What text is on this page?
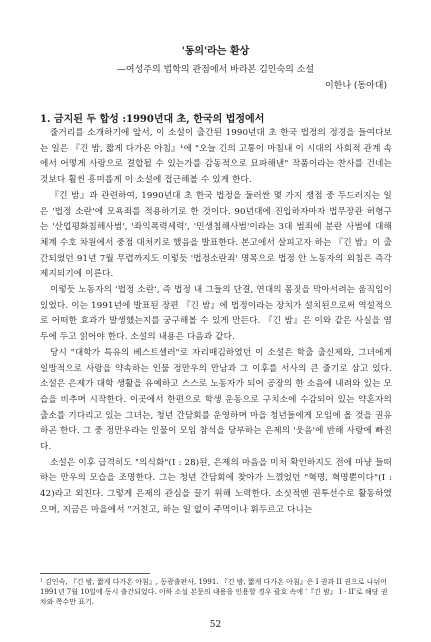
'동의'라는 환상
—여성주의 법학의 관점에서 바라본 김인숙의 소설
이한나 (동아대)
1. 금지된 두 합성 :1990년대 초, 한국의 법정에서

줄거리를 소개하기에 앞서, 이 소설이 출간된 1990년대 초 한국 법정의 정경을 들여다보는 일은 『긴 밤, 짧게 다가온 아침』¹에 "오늘 긴의 고통이 마침내 이 시대의 사회적 관계 속에서 어떻게 사랑으로 결합될 수 있는가를 감동적으로 묘파해낸" 작품이라는 찬사를 건네는 것보다 훨씬 흥미롭게 이 소설에 접근해볼 수 있게 한다.

『긴 밤』과 관련하여, 1990년대 초 한국 법정을 둘러싼 몇 가지 쟁점 중 두드러지는 일은 '법정 소란'에 모욕죄를 적용하기로 한 것이다. 90년대에 진입하자마자 법무장관 허형구는 '산업평화침해사범', '좌익폭력세력', '민생침해사범'이라는 3대 범죄에 분란 사범에 대해 체계 수호 차원에서 중점 대처키로 했음을 발표한다. 본고에서 살피고자 하는 『긴 밤』이 출간되었던 91년 7월 무렵까지도 이렇듯 '법정소란죄' 명목으로 법정 안 노동자의 외침은 즉각 제지되기에 이른다.

이렇듯 노동자의 '법정 소란', 즉 법정 내 그들의 단결, 연대의 몸짓을 막아서려는 움직임이 있었다. 이는 1991년에 발표된 장편 『긴 밤』에 법정이라는 장치가 설치된으로써 역설적으로 어떠한 효과가 발생했는지를 궁구해볼 수 있게 만든다. 『긴 밤』은 이와 같은 사실을 염두에 두고 읽어야 한다. 소설의 내용은 다음과 같다.

당시 "대학가 특유의 베스트셀러"로 자리매김하였던 이 소설은 학출 출신제와, 그녀에게 일방적으로 사랑을 약속하는 인물 정만우의 만남과 그 이후를 서사의 큰 줄기로 삼고 있다. 소설은 은제가 대학 생활을 유예하고 스스로 노동자가 되어 공장의 한 소음에 내려와 있는 모습을 비추며 시작한다. 이곳에서 한편으로 학생 운동으로 구치소에 수감되어 있는 약혼자의 출소를 기다리고 있는 그녀는, 청년 간담회를 운영하며 마을 청년들에게 모임에 올 것을 권유하곤 한다. 그 중 정만우라는 인물이 모임 참석을 당부하는 은제의 '웃음'에 반해 사랑에 빠진다.

소설은 이후 급격히도 "의식화"(I : 28)된, 은제의 마음을 미처 확인하지도 전에 마냥 들떠하는 만우의 모습을 조명한다. 그는 청년 간담회에 찾아가 느꼈었던 "혁명, 혁명뿐이다"(I : 42)라고 외친다. 그렇게 은제의 관심을 끌기 위해 노력한다. 소싯적엔 권투선수로 활동하였으며, 지금은 마을에서 "거친고, 하는 일 없이 주먹이나 휘두르고 다니는

¹ 김인숙, 『긴 밤, 짧게 다가온 아침』, 동광출판사, 1991. 『긴 밤, 짧게 다가온 아침』은 I 권과 II 권으로 나뉘어 1991년 7월 10일에 동시 출간되었다. 이하 소설 본문의 내용을 인용할 경우 괄호 속에 '『긴 밤』 I · II'로 해당 권차와 쪽수만 표기.
52
